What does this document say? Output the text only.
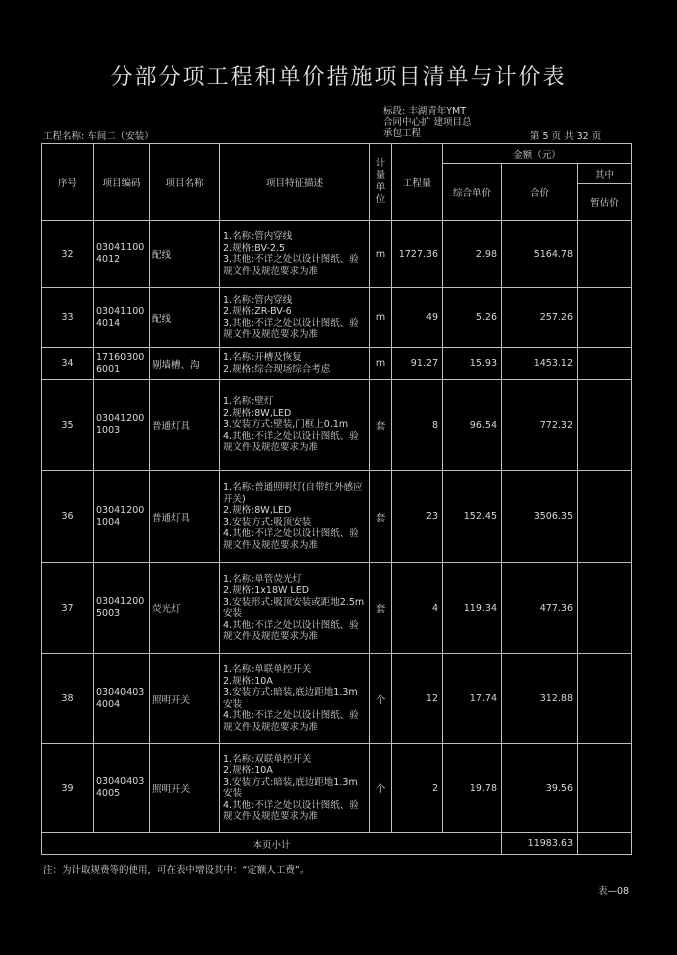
分部分项工程和单价措施项目清单与计价表
标段: 丰湖青年YMT
合同中心扩 建项目总
承包工程
工程名称: 车间二（安装）	第 5 页 共 32 页
序号	项目编码	项目名称	项目特征描述	计量单位	工程量	金额（元）		
						综合单价	合价	其中
								暂估价
32	030411004012	配线	1.名称:管内穿线
2.规格:BV-2.5
3.其他:不详之处以设计图纸、验规文件及规范要求为准	m	1727.36	2.98	5164.78	
33	030411004014	配线	1.名称:管内穿线
2.规格:ZR-BV-6
3.其他:不详之处以设计图纸、验规文件及规范要求为准	m	49	5.26	257.26	
34	171603006001	剔墙槽、沟	1.名称:开槽及恢复
2.规格:综合现场综合考虑	m	91.27	15.93	1453.12	
35	030412001003	普通灯具	1.名称:壁灯
2.规格:8W,LED
3.安装方式:壁装,门框上0.1m
4.其他:不详之处以设计图纸、验规文件及规范要求为准	套	8	96.54	772.32	
36	030412001004	普通灯具	1.名称:普通照明灯(自带红外感应开关)
2.规格:8W,LED
3.安装方式:吸顶安装
4.其他:不详之处以设计图纸、验规文件及规范要求为准	套	23	152.45	3506.35	
37	030412005003	荧光灯	1.名称:单管荧光灯
2.规格:1x18W LED
3.安装形式:吸顶安装或距地2.5m安装
4.其他:不详之处以设计图纸、验规文件及规范要求为准	套	4	119.34	477.36	
38	030404034004	照明开关	1.名称:单联单控开关
2.规格:10A
3.安装方式:暗装,底边距地1.3m安装
4.其他:不详之处以设计图纸、验规文件及规范要求为准	个	12	17.74	312.88	
39	030404034005	照明开关	1.名称:双联单控开关
2.规格:10A
3.安装方式:暗装,底边距地1.3m安装
4.其他:不详之处以设计图纸、验规文件及规范要求为准	个	2	19.78	39.56	
本页小计							11983.63	
注：为计取规费等的使用，可在表中增设其中：“定额人工费”。
表—08
